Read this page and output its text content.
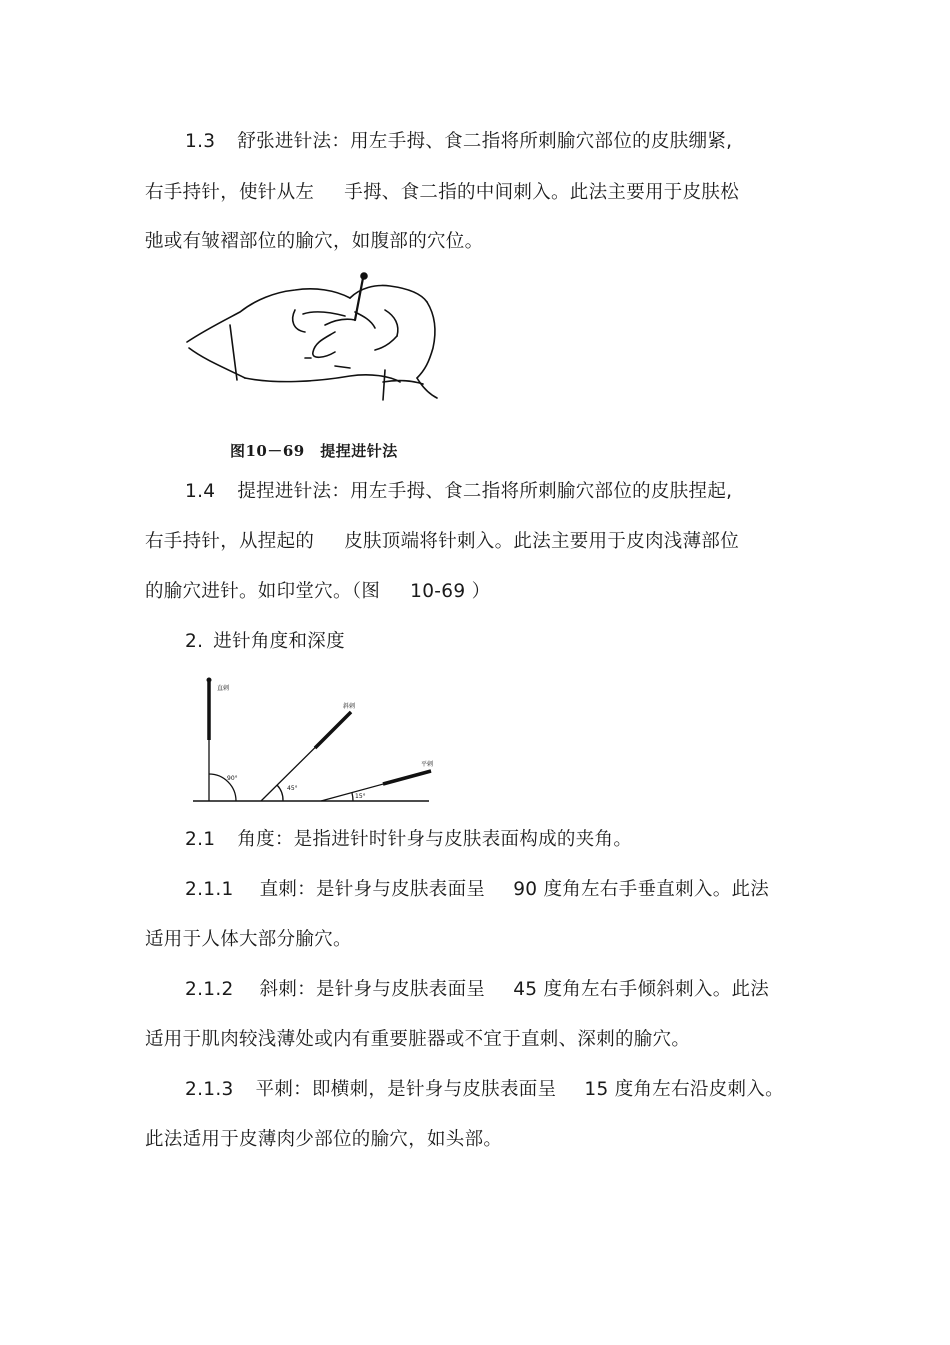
1.3 舒张进针法：用左手拇、食二指将所刺腧穴部位的皮肤绷紧,
右手持针，使针从左 手拇、食二指的中间刺入。此法主要用于皮肤松
弛或有皱褶部位的腧穴，如腹部的穴位。
图10－69　提捏进针法
1.4 提捏进针法：用左手拇、食二指将所刺腧穴部位的皮肤捏起,
右手持针，从捏起的 皮肤顶端将针刺入。此法主要用于皮肉浅薄部位
的腧穴进针。如印堂穴。（图 10-69 ）
2. 进针角度和深度
直刺
斜刺
平刺
90°
45°
15°
2.1 角度：是指进针时针身与皮肤表面构成的夹角。
2.1.1 直刺：是针身与皮肤表面呈 90 度角左右手垂直刺入。此法
适用于人体大部分腧穴。
2.1.2 斜刺：是针身与皮肤表面呈 45 度角左右手倾斜刺入。此法
适用于肌肉较浅薄处或内有重要脏器或不宜于直刺、深刺的腧穴。
2.1.3 平刺：即横刺，是针身与皮肤表面呈 15 度角左右沿皮刺入。
此法适用于皮薄肉少部位的腧穴，如头部。
